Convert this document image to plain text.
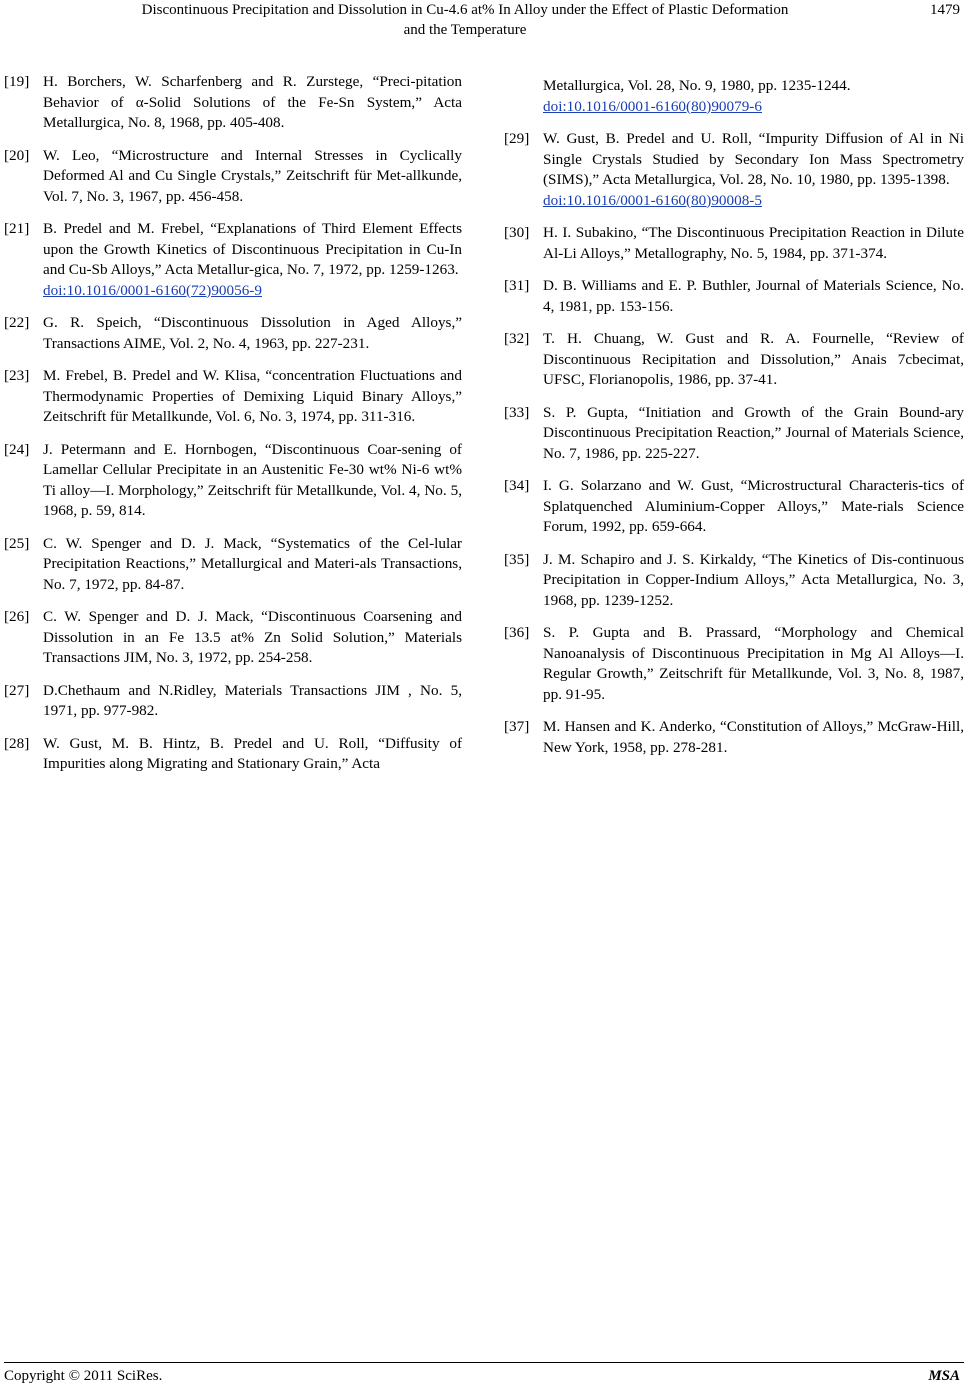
Discontinuous Precipitation and Dissolution in Cu-4.6 at% In Alloy under the Effect of Plastic Deformation
and the Temperature
1479
[19] H. Borchers, W. Scharfenberg and R. Zurstege, “Preci-pitation Behavior of α-Solid Solutions of the Fe-Sn System,” Acta Metallurgica, No. 8, 1968, pp. 405-408.
[20] W. Leo, “Microstructure and Internal Stresses in Cyclically Deformed Al and Cu Single Crystals,” Zeitschrift für Met-allkunde, Vol. 7, No. 3, 1967, pp. 456-458.
[21] B. Predel and M. Frebel, “Explanations of Third Element Effects upon the Growth Kinetics of Discontinuous Precipitation in Cu-In and Cu-Sb Alloys,” Acta Metallur-gica, No. 7, 1972, pp. 1259-1263.
doi:10.1016/0001-6160(72)90056-9
[22] G. R. Speich, “Discontinuous Dissolution in Aged Alloys,” Transactions AIME, Vol. 2, No. 4, 1963, pp. 227-231.
[23] M. Frebel, B. Predel and W. Klisa, “concentration Fluctuations and Thermodynamic Properties of Demixing Liquid Binary Alloys,” Zeitschrift für Metallkunde, Vol. 6, No. 3, 1974, pp. 311-316.
[24] J. Petermann and E. Hornbogen, “Discontinuous Coar-sening of Lamellar Cellular Precipitate in an Austenitic Fe-30 wt% Ni-6 wt% Ti alloy—I. Morphology,” Zeitschrift für Metallkunde, Vol. 4, No. 5, 1968, p. 59, 814.
[25] C. W. Spenger and D. J. Mack, “Systematics of the Cel-lular Precipitation Reactions,” Metallurgical and Materi-als Transactions, No. 7, 1972, pp. 84-87.
[26] C. W. Spenger and D. J. Mack, “Discontinuous Coarsening and Dissolution in an Fe 13.5 at% Zn Solid Solution,” Materials Transactions JIM, No. 3, 1972, pp. 254-258.
[27] D.Chethaum and N.Ridley, Materials Transactions JIM , No. 5, 1971, pp. 977-982.
[28] W. Gust, M. B. Hintz, B. Predel and U. Roll, “Diffusity of Impurities along Migrating and Stationary Grain,” Acta
Metallurgica, Vol. 28, No. 9, 1980, pp. 1235-1244.
doi:10.1016/0001-6160(80)90079-6
[29] W. Gust, B. Predel and U. Roll, “Impurity Diffusion of Al in Ni Single Crystals Studied by Secondary Ion Mass Spectrometry (SIMS),” Acta Metallurgica, Vol. 28, No. 10, 1980, pp. 1395-1398.
doi:10.1016/0001-6160(80)90008-5
[30] H. I. Subakino, “The Discontinuous Precipitation Reaction in Dilute Al-Li Alloys,” Metallography, No. 5, 1984, pp. 371-374.
[31] D. B. Williams and E. P. Buthler, Journal of Materials Science, No. 4, 1981, pp. 153-156.
[32] T. H. Chuang, W. Gust and R. A. Fournelle, “Review of Discontinuous Recipitation and Dissolution,” Anais 7cbecimat, UFSC, Florianopolis, 1986, pp. 37-41.
[33] S. P. Gupta, “Initiation and Growth of the Grain Bound-ary Discontinuous Precipitation Reaction,” Journal of Materials Science, No. 7, 1986, pp. 225-227.
[34] I. G. Solarzano and W. Gust, “Microstructural Characteris-tics of Splatquenched Aluminium-Copper Alloys,” Mate-rials Science Forum, 1992, pp. 659-664.
[35] J. M. Schapiro and J. S. Kirkaldy, “The Kinetics of Dis-continuous Precipitation in Copper-Indium Alloys,” Acta Metallurgica, No. 3, 1968, pp. 1239-1252.
[36] S. P. Gupta and B. Prassard, “Morphology and Chemical Nanoanalysis of Discontinuous Precipitation in Mg Al Alloys—I. Regular Growth,” Zeitschrift für Metallkunde, Vol. 3, No. 8, 1987, pp. 91-95.
[37] M. Hansen and K. Anderko, “Constitution of Alloys,” McGraw-Hill, New York, 1958, pp. 278-281.
Copyright © 2011 SciRes.	MSA
